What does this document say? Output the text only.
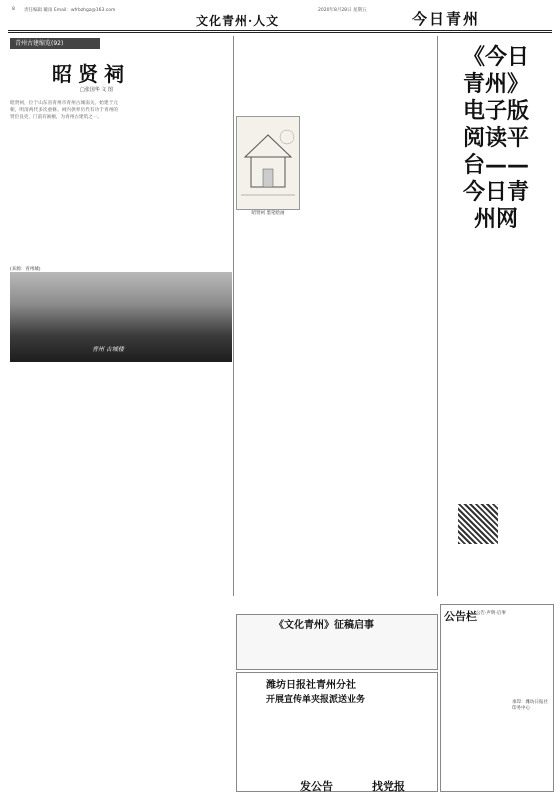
8 责任编辑 戴雨 Email：wfrbzhgz@163.com
文化青州·人文
2020年8月28日 星期五	今日青州
青州古建缩览(92)
昭贤祠
□张国华 文 图
昭贤祠，位于山东省青州市青州古城南关。始建于元朝，明清两代多次重修。祠内供奉历代有功于青州的贤臣良吏，门前有匾额，为青州古建筑之一。
昭贤祠 墨笔绘画
(来源：青州城)
青州 古城楼
《今日青州》电子版阅读平台——今日青州网
《文化青州》征稿启事
潍坊日报社青州分社
开展宣传单夹报派送业务
公告栏 公告·声明·启事
发公告	找党报
承印：潍坊日报社印务中心
